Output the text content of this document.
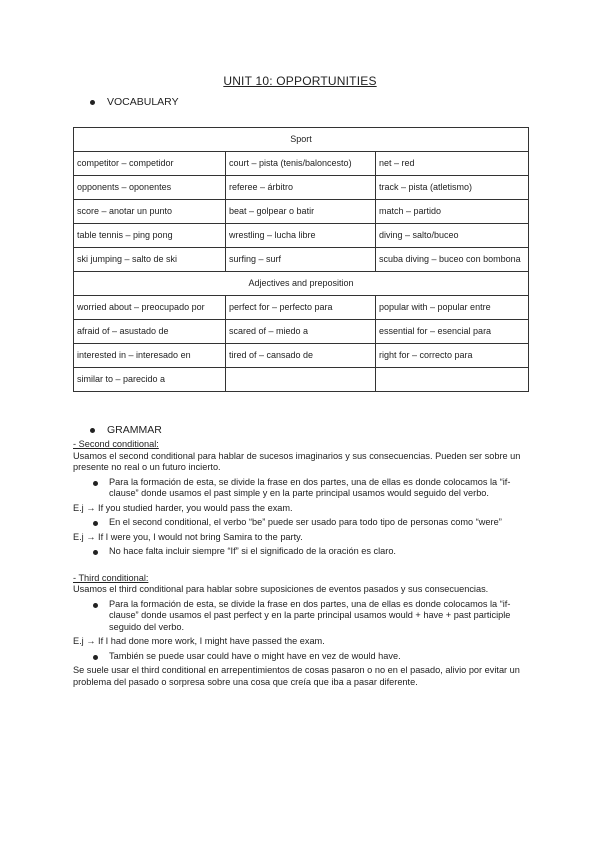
UNIT 10: OPPORTUNITIES
VOCABULARY
Sport		
competitor – competidor	court – pista (tenis/baloncesto)	net – red
opponents – oponentes	referee – árbitro	track – pista (atletismo)
score – anotar un punto	beat – golpear o batir	match – partido
table tennis – ping pong	wrestling – lucha libre	diving – salto/buceo
ski jumping – salto de ski	surfing – surf	scuba diving – buceo con bombona
Adjectives and preposition		
worried about – preocupado por	perfect for – perfecto para	popular with – popular entre
afraid of – asustado de	scared of – miedo a	essential for – esencial para
interested in – interesado en	tired of – cansado de	right for – correcto para
similar to – parecido a		
GRAMMAR

- Second conditional:

Usamos el second conditional para hablar de sucesos imaginarios y sus consecuencias. Pueden ser sobre un presente no real o un futuro incierto.

Para la formación de esta, se divide la frase en dos partes, una de ellas es donde colocamos la “if-clause” donde usamos el past simple y en la parte principal usamos would seguido del verbo.

E.j → If you studied harder, you would pass the exam.

En el second conditional, el verbo “be” puede ser usado para todo tipo de personas como “were”

E.j → If I were you, I would not bring Samira to the party.

No hace falta incluir siempre “If” si el significado de la oración es claro.

- Third conditional:

Usamos el third conditional para hablar sobre suposiciones de eventos pasados y sus consecuencias.

Para la formación de esta, se divide la frase en dos partes, una de ellas es donde colocamos la “if-clause” donde usamos el past perfect y en la parte principal usamos would + have + past participle seguido del verbo.

E.j → If I had done more work, I might have passed the exam.

También se puede usar could have o might have en vez de would have.

Se suele usar el third conditional en arrepentimientos de cosas pasaron o no en el pasado, alivio por evitar un problema del pasado o sorpresa sobre una cosa que creía que iba a pasar diferente.
